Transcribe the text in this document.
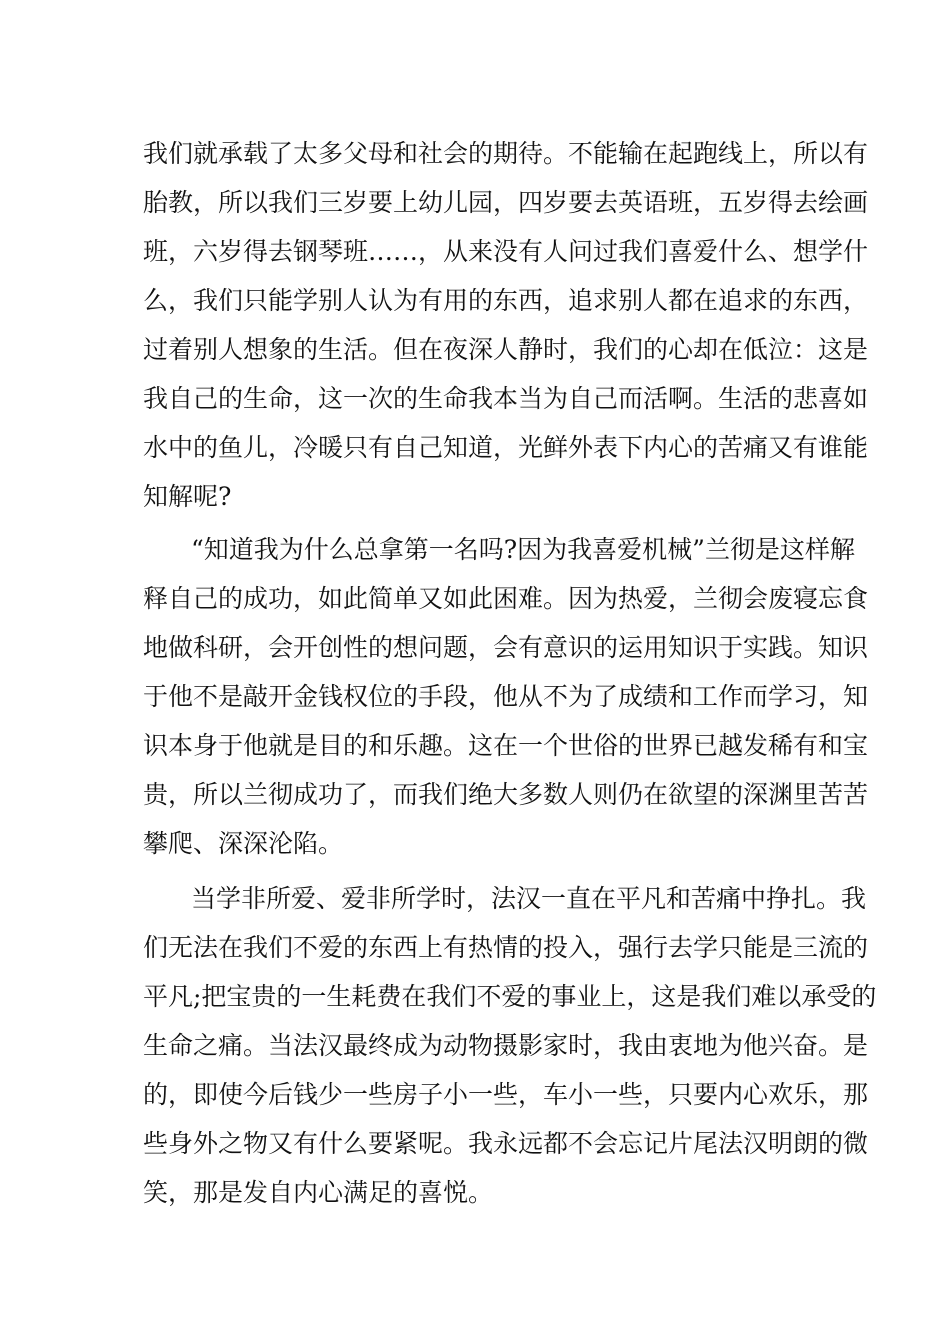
我们就承载了太多父母和社会的期待。不能输在起跑线上，所以有
胎教，所以我们三岁要上幼儿园，四岁要去英语班，五岁得去绘画
班，六岁得去钢琴班……，从来没有人问过我们喜爱什么、想学什
么，我们只能学别人认为有用的东西，追求别人都在追求的东西，
过着别人想象的生活。但在夜深人静时，我们的心却在低泣：这是
我自己的生命，这一次的生命我本当为自己而活啊。生活的悲喜如
水中的鱼儿，冷暖只有自己知道，光鲜外表下内心的苦痛又有谁能
知解呢?
“知道我为什么总拿第一名吗?因为我喜爱机械”兰彻是这样解
释自己的成功，如此简单又如此困难。因为热爱，兰彻会废寝忘食
地做科研，会开创性的想问题，会有意识的运用知识于实践。知识
于他不是敲开金钱权位的手段，他从不为了成绩和工作而学习，知
识本身于他就是目的和乐趣。这在一个世俗的世界已越发稀有和宝
贵，所以兰彻成功了，而我们绝大多数人则仍在欲望的深渊里苦苦
攀爬、深深沦陷。
当学非所爱、爱非所学时，法汉一直在平凡和苦痛中挣扎。我
们无法在我们不爱的东西上有热情的投入，强行去学只能是三流的
平凡;把宝贵的一生耗费在我们不爱的事业上，这是我们难以承受的
生命之痛。当法汉最终成为动物摄影家时，我由衷地为他兴奋。是
的，即使今后钱少一些房子小一些，车小一些，只要内心欢乐，那
些身外之物又有什么要紧呢。我永远都不会忘记片尾法汉明朗的微
笑，那是发自内心满足的喜悦。
